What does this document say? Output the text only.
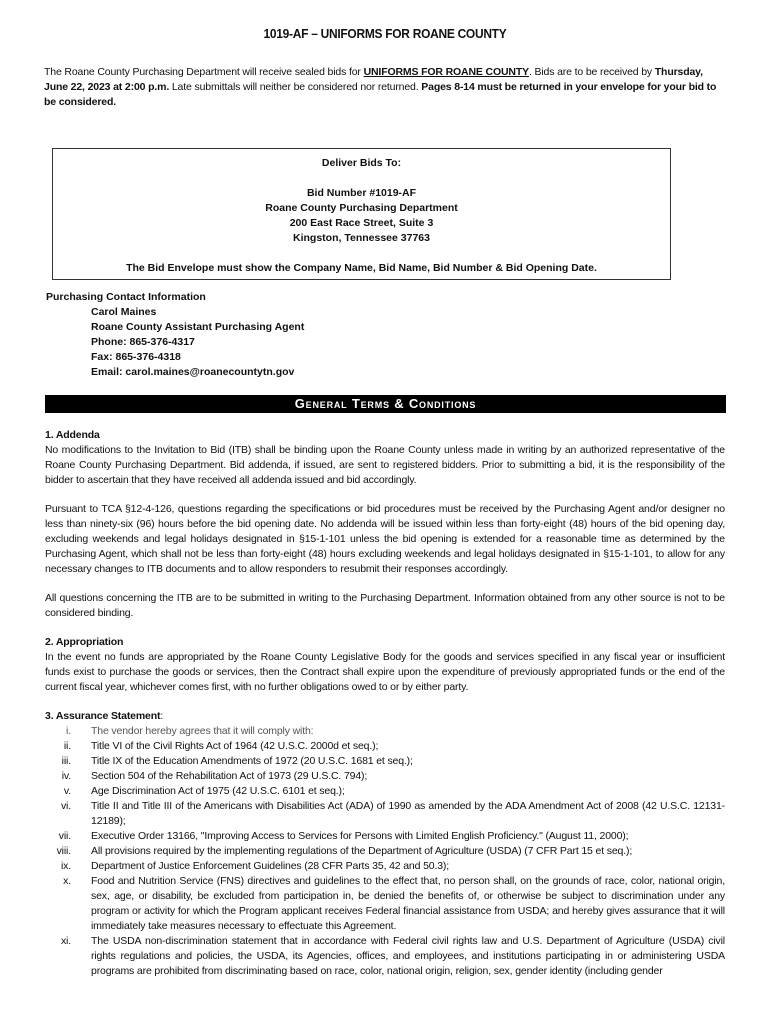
1019-AF – UNIFORMS FOR ROANE COUNTY
The Roane County Purchasing Department will receive sealed bids for UNIFORMS FOR ROANE COUNTY. Bids are to be received by Thursday, June 22, 2023 at 2:00 p.m. Late submittals will neither be considered nor returned. Pages 8-14 must be returned in your envelope for your bid to be considered.
Deliver Bids To:
Bid Number #1019-AF
Roane County Purchasing Department
200 East Race Street, Suite 3
Kingston, Tennessee 37763
The Bid Envelope must show the Company Name, Bid Name, Bid Number & Bid Opening Date.
Purchasing Contact Information
Carol Maines
Roane County Assistant Purchasing Agent
Phone: 865-376-4317
Fax: 865-376-4318
Email: carol.maines@roanecountytn.gov
General Terms & Conditions
1. Addenda
No modifications to the Invitation to Bid (ITB) shall be binding upon the Roane County unless made in writing by an authorized representative of the Roane County Purchasing Department. Bid addenda, if issued, are sent to registered bidders. Prior to submitting a bid, it is the responsibility of the bidder to ascertain that they have received all addenda issued and bid accordingly.
Pursuant to TCA §12-4-126, questions regarding the specifications or bid procedures must be received by the Purchasing Agent and/or designer no less than ninety-six (96) hours before the bid opening date. No addenda will be issued within less than forty-eight (48) hours of the bid opening day, excluding weekends and legal holidays designated in §15-1-101 unless the bid opening is extended for a reasonable time as determined by the Purchasing Agent, which shall not be less than forty-eight (48) hours excluding weekends and legal holidays designated in §15-1-101, to allow for any necessary changes to ITB documents and to allow responders to resubmit their responses accordingly.
All questions concerning the ITB are to be submitted in writing to the Purchasing Department. Information obtained from any other source is not to be considered binding.
2. Appropriation
In the event no funds are appropriated by the Roane County Legislative Body for the goods and services specified in any fiscal year or insufficient funds exist to purchase the goods or services, then the Contract shall expire upon the expenditure of previously appropriated funds or the end of the current fiscal year, whichever comes first, with no further obligations owed to or by either party.
3. Assurance Statement:
i. The vendor hereby agrees that it will comply with:
ii. Title VI of the Civil Rights Act of 1964 (42 U.S.C. 2000d et seq.);
iii. Title IX of the Education Amendments of 1972 (20 U.S.C. 1681 et seq.);
iv. Section 504 of the Rehabilitation Act of 1973 (29 U.S.C. 794);
v. Age Discrimination Act of 1975 (42 U.S.C. 6101 et seq.);
vi. Title II and Title III of the Americans with Disabilities Act (ADA) of 1990 as amended by the ADA Amendment Act of 2008 (42 U.S.C. 12131-12189);
vii. Executive Order 13166, "Improving Access to Services for Persons with Limited English Proficiency." (August 11, 2000);
viii. All provisions required by the implementing regulations of the Department of Agriculture (USDA) (7 CFR Part 15 et seq.);
ix. Department of Justice Enforcement Guidelines (28 CFR Parts 35, 42 and 50.3);
x. Food and Nutrition Service (FNS) directives and guidelines to the effect that, no person shall, on the grounds of race, color, national origin, sex, age, or disability, be excluded from participation in, be denied the benefits of, or otherwise be subject to discrimination under any program or activity for which the Program applicant receives Federal financial assistance from USDA; and hereby gives assurance that it will immediately take measures necessary to effectuate this Agreement.
xi. The USDA non-discrimination statement that in accordance with Federal civil rights law and U.S. Department of Agriculture (USDA) civil rights regulations and policies, the USDA, its Agencies, offices, and employees, and institutions participating in or administering USDA programs are prohibited from discriminating based on race, color, national origin, religion, sex, gender identity (including gender
